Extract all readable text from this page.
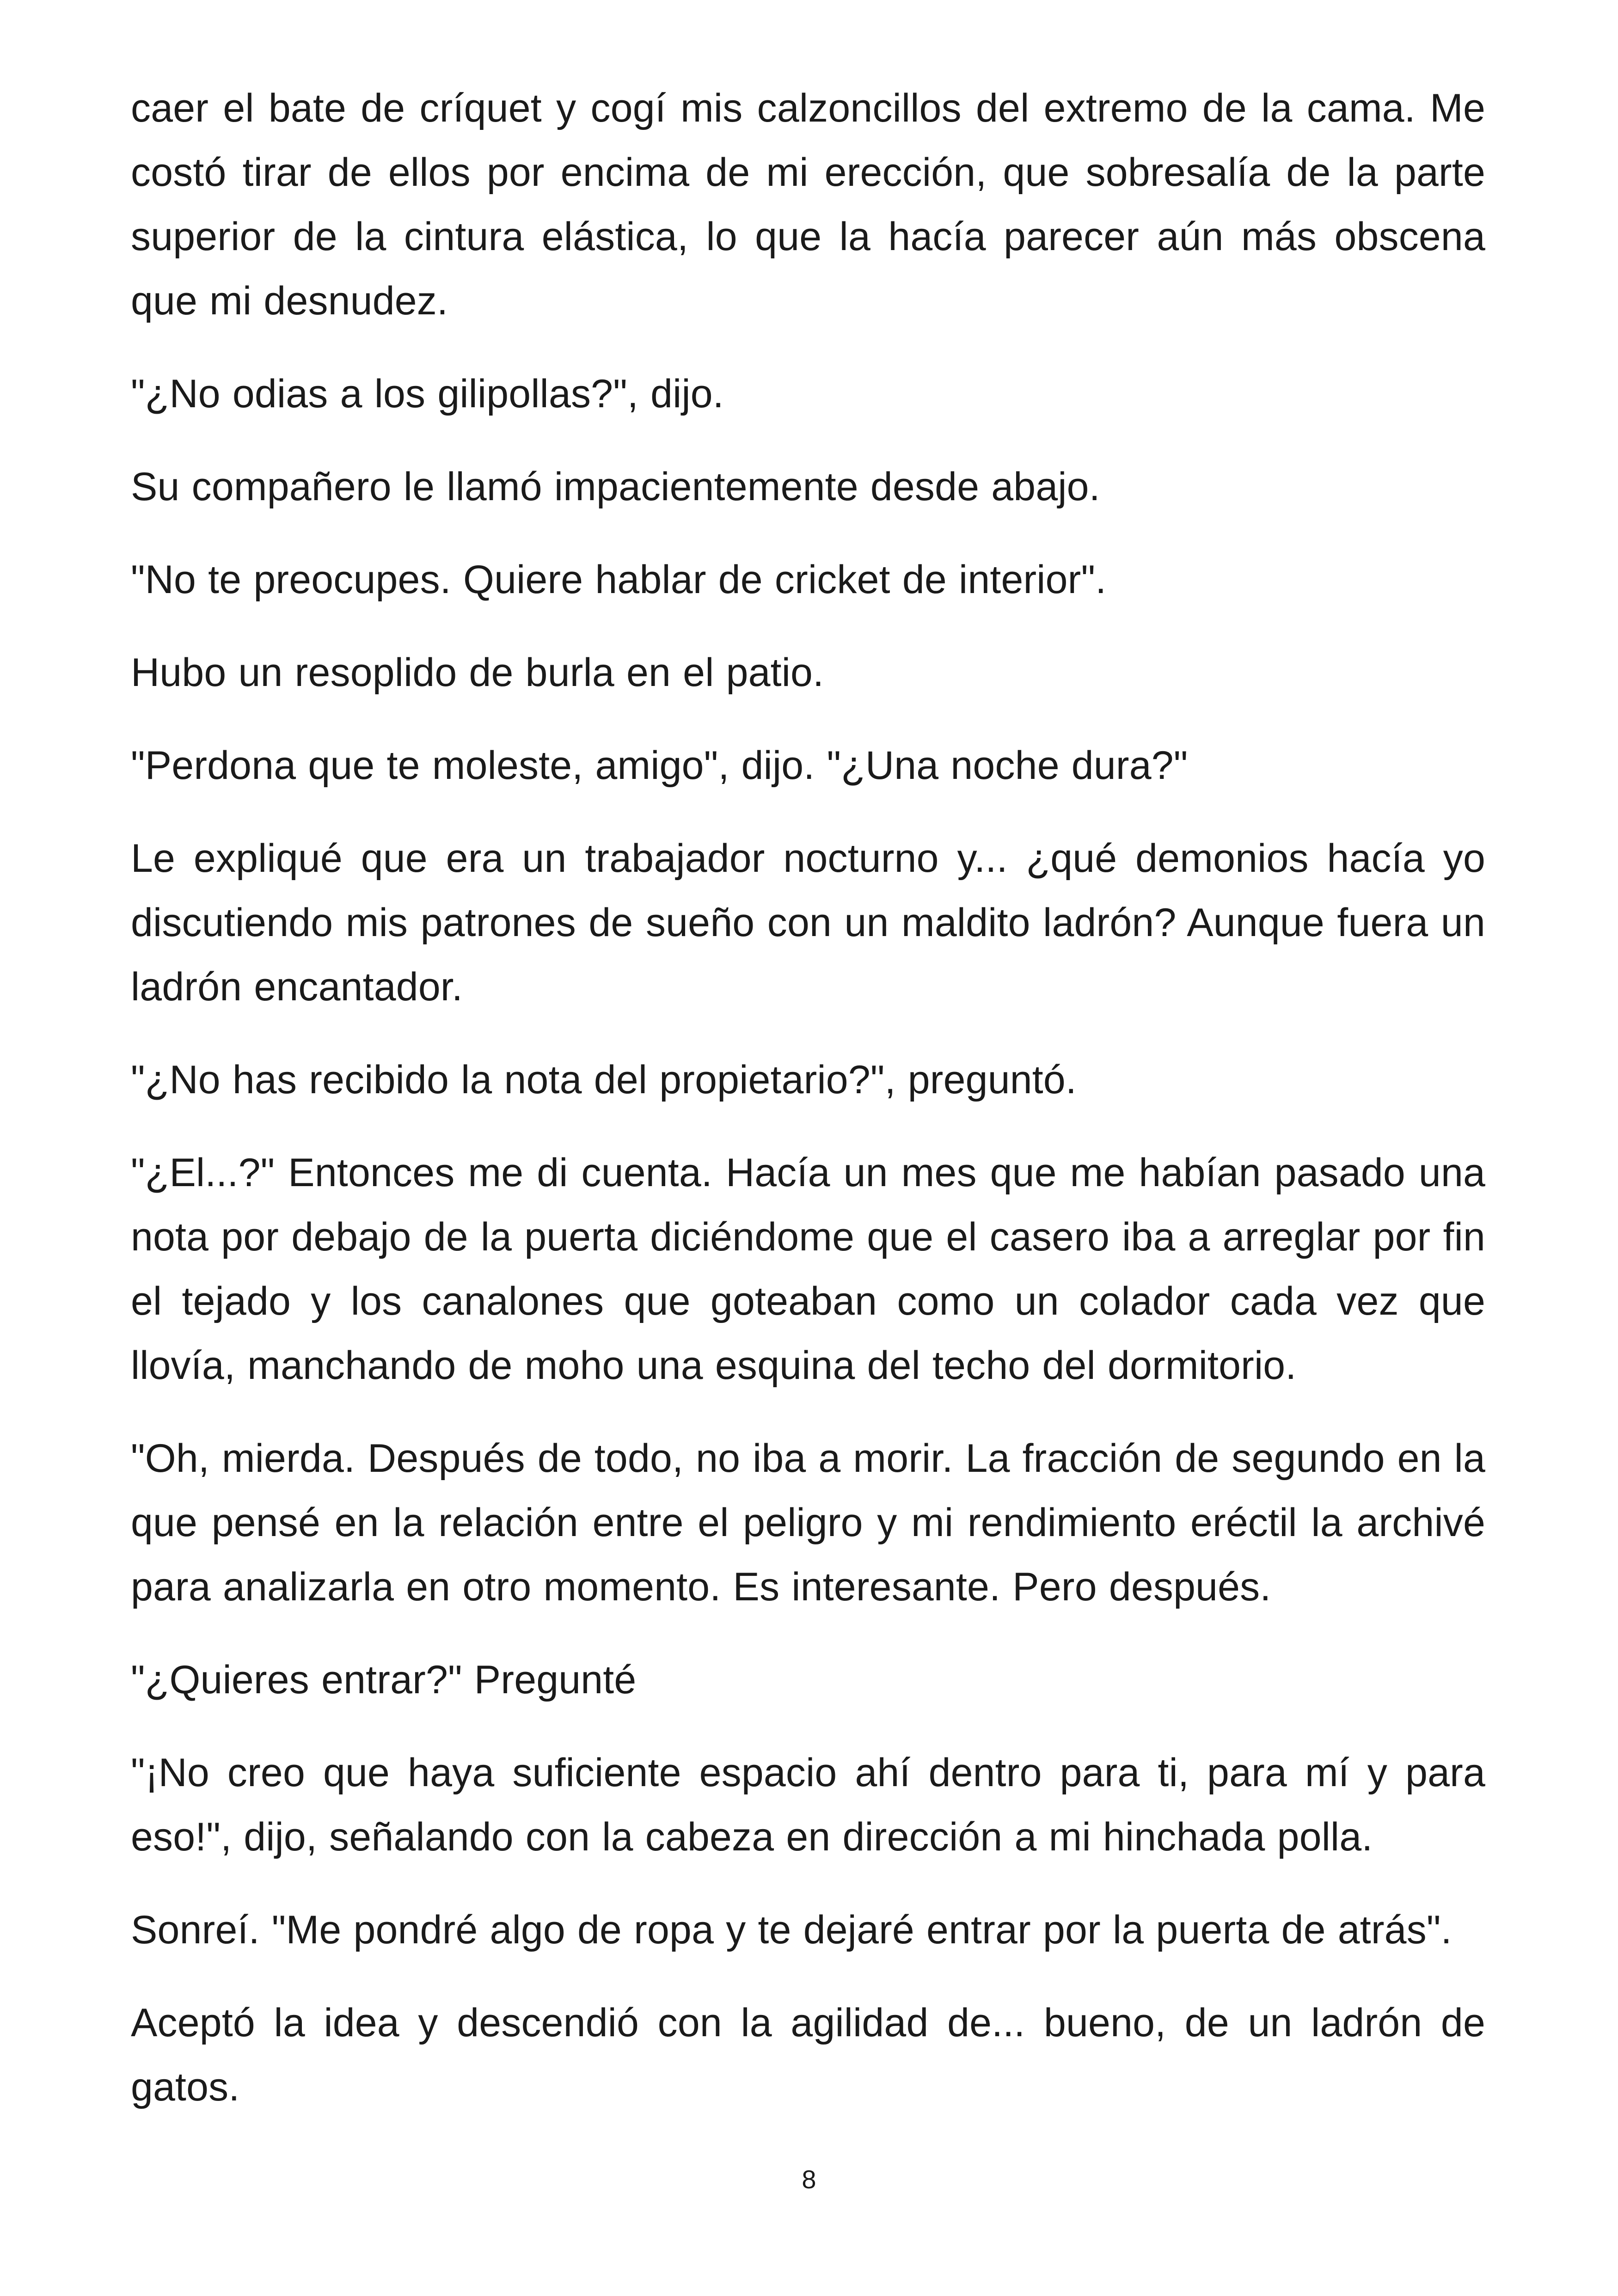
caer el bate de críquet y cogí mis calzoncillos del extremo de la cama. Me costó tirar de ellos por encima de mi erección, que sobresalía de la parte superior de la cintura elástica, lo que la hacía parecer aún más obscena que mi desnudez.

"¿No odias a los gilipollas?", dijo.

Su compañero le llamó impacientemente desde abajo.

"No te preocupes. Quiere hablar de cricket de interior".

Hubo un resoplido de burla en el patio.

"Perdona que te moleste, amigo", dijo. "¿Una noche dura?"

Le expliqué que era un trabajador nocturno y... ¿qué demonios hacía yo discutiendo mis patrones de sueño con un maldito ladrón? Aunque fuera un ladrón encantador.

"¿No has recibido la nota del propietario?", preguntó.

"¿El...?" Entonces me di cuenta. Hacía un mes que me habían pasado una nota por debajo de la puerta diciéndome que el casero iba a arreglar por fin el tejado y los canalones que goteaban como un colador cada vez que llovía, manchando de moho una esquina del techo del dormitorio.

"Oh, mierda. Después de todo, no iba a morir. La fracción de segundo en la que pensé en la relación entre el peligro y mi rendimiento eréctil la archivé para analizarla en otro momento. Es interesante. Pero después.

"¿Quieres entrar?" Pregunté

"¡No creo que haya suficiente espacio ahí dentro para ti, para mí y para eso!", dijo, señalando con la cabeza en dirección a mi hinchada polla.

Sonreí. "Me pondré algo de ropa y te dejaré entrar por la puerta de atrás".

Aceptó la idea y descendió con la agilidad de... bueno, de un ladrón de gatos.

8
